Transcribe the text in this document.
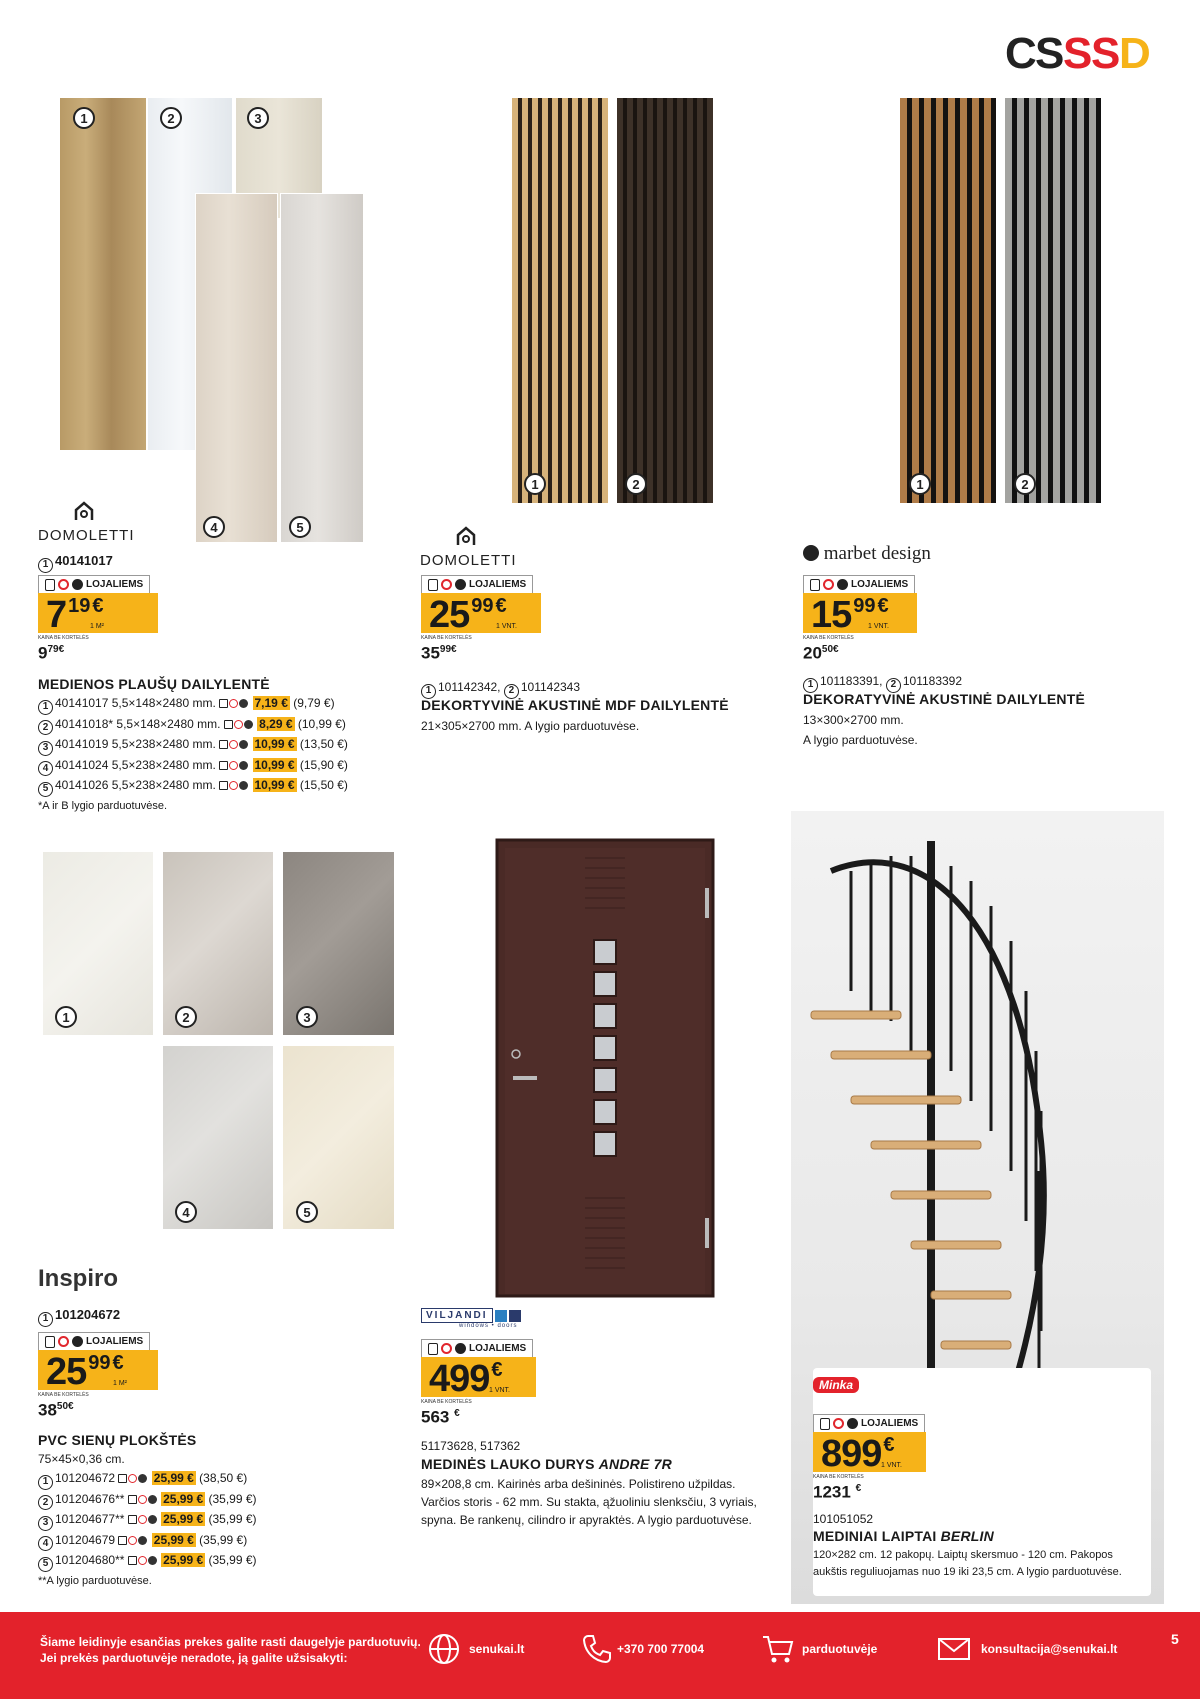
C
S
S
S
D
1	2	3
4	5
DOMOLETTI
1 40141017
LOJALIEMS
7 19 €
1 M²
KAINA BE KORTELĖS
$9^{79€}$
MEDIENOS PLAUŠŲ DAILYLENTĖ
1 40141017 5,5×148×2480 mm.	7,19 € (9,79 €)
2 40141018* 5,5×148×2480 mm.	8,29 € (10,99 €)
3 40141019 5,5×238×2480 mm.	10,99 € (13,50 €)
4 40141024 5,5×238×2480 mm.	10,99 € (15,90 €)
5 40141026 5,5×238×2480 mm.	10,99 € (15,50 €)
*A ir B lygio parduotuvėse.
1	2
DOMOLETTI
LOJALIEMS
25 99 €
1 VNT.
KAINA BE KORTELĖS
$35^{99€}$
1 101142342, 2 101142343
DEKORTYVINĖ AKUSTINĖ MDF DAILYLENTĖ
21×305×2700 mm. A lygio parduotuvėse.
1	2
marbet design
LOJALIEMS
15 99 €
1 VNT.
KAINA BE KORTELĖS
$20^{50€}$
1 101183391, 2 101183392
DEKORATYVINĖ AKUSTINĖ DAILYLENTĖ
13×300×2700 mm.
A lygio parduotuvėse.
1	2	3
4	5
Inspiro
1 101204672
LOJALIEMS
25 99 €
1 M²
KAINA BE KORTELĖS
$38^{50€}$
PVC SIENŲ PLOKŠTĖS
75×45×0,36 cm.
1 101204672	25,99 € (38,50 €)
2 101204676**	25,99 € (35,99 €)
3 101204677**	25,99 € (35,99 €)
4 101204679	25,99 € (35,99 €)
5 101204680**	25,99 € (35,99 €)
**A lygio parduotuvėse.
VILJANDI
windows • doors
LOJALIEMS
499 €
1 VNT.
KAINA BE KORTELĖS
563 €
51173628, 517362
MEDINĖS LAUKO DURYS ANDRE 7R
89×208,8 cm. Kairinės arba dešininės. Polistireno užpildas. Varčios storis - 62 mm. Su stakta, ąžuoliniu slenksčiu, 3 vyriais, spyna. Be rankenų, cilindro ir apyraktės. A lygio parduotuvėse.
Minka
LOJALIEMS
899 €
1 VNT.
KAINA BE KORTELĖS
1231 €
101051052
MEDINIAI LAIPTAI BERLIN
120×282 cm. 12 pakopų. Laiptų skersmuo - 120 cm. Pakopos aukštis reguliuojamas nuo 19 iki 23,5 cm. A lygio parduotuvėse.
Šiame leidinyje esančias prekes galite rasti daugelyje parduotuvių.
Jei prekės parduotuvėje neradote, ją galite užsisakyti:
senukai.lt	+370 700 77004	parduotuvėje	konsultacija@senukai.lt
5
